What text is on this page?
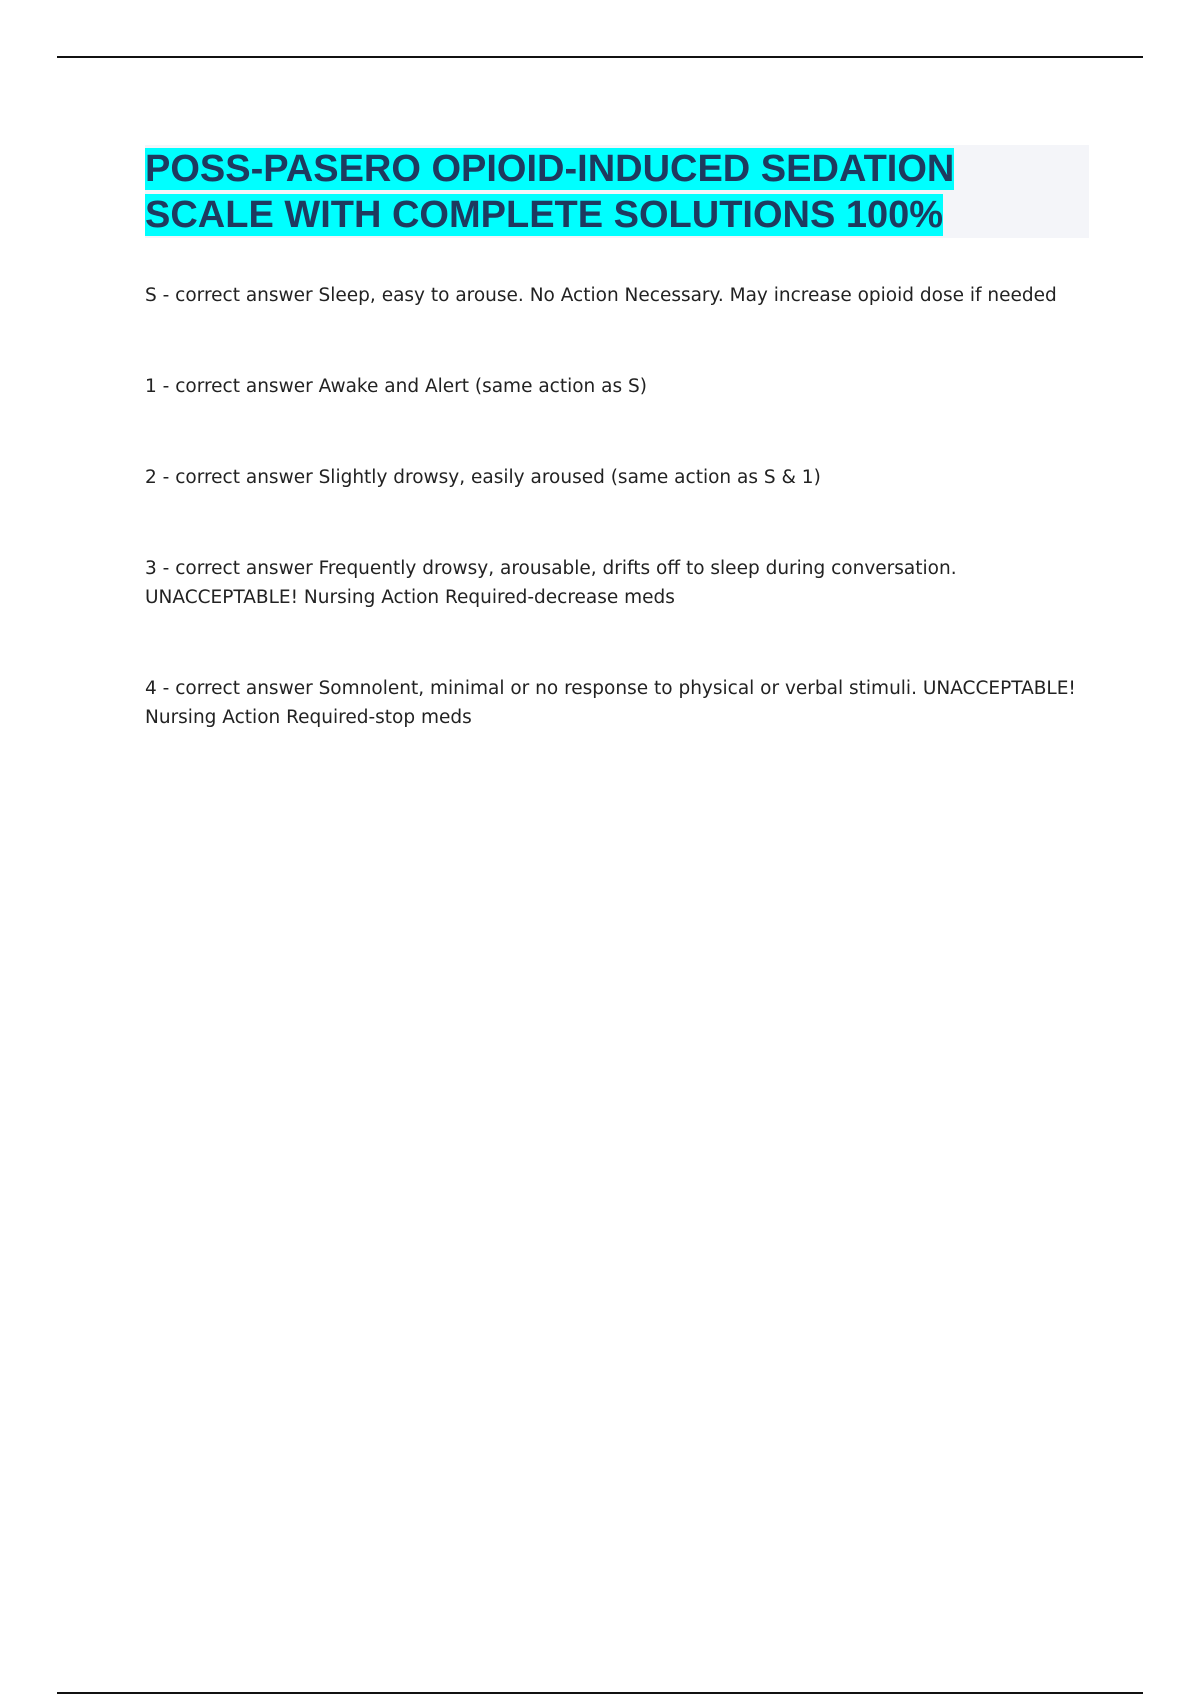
POSS-PASERO OPIOID-INDUCED SEDATION SCALE WITH COMPLETE SOLUTIONS 100%

S - correct answer Sleep, easy to arouse. No Action Necessary. May increase opioid dose if needed

1 - correct answer Awake and Alert (same action as S)

2 - correct answer Slightly drowsy, easily aroused (same action as S & 1)

3 - correct answer Frequently drowsy, arousable, drifts off to sleep during conversation. UNACCEPTABLE! Nursing Action Required-decrease meds

4 - correct answer Somnolent, minimal or no response to physical or verbal stimuli. UNACCEPTABLE! Nursing Action Required-stop meds
